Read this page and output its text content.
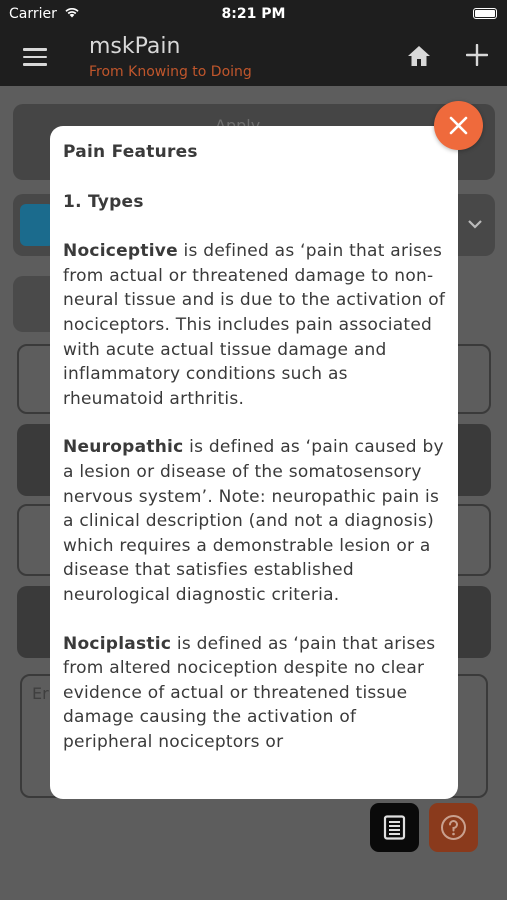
Carrier	8:21 PM
mskPain
From Knowing to Doing
Er
Pain Features
1. Types

Nociceptive is defined as ‘pain that arises from actual or threatened damage to non-neural tissue and is due to the activation of nociceptors. This includes pain associated with acute actual tissue damage and inflammatory conditions such as rheumatoid arthritis.

Neuropathic is defined as ‘pain caused by a lesion or disease of the somatosensory nervous system’. Note: neuropathic pain is a clinical description (and not a diagnosis) which requires a demonstrable lesion or a disease that satisfies established neurological diagnostic criteria.

Nociplastic is defined as ‘pain that arises from altered nociception despite no clear evidence of actual or threatened tissue damage causing the activation of peripheral nociceptors or
